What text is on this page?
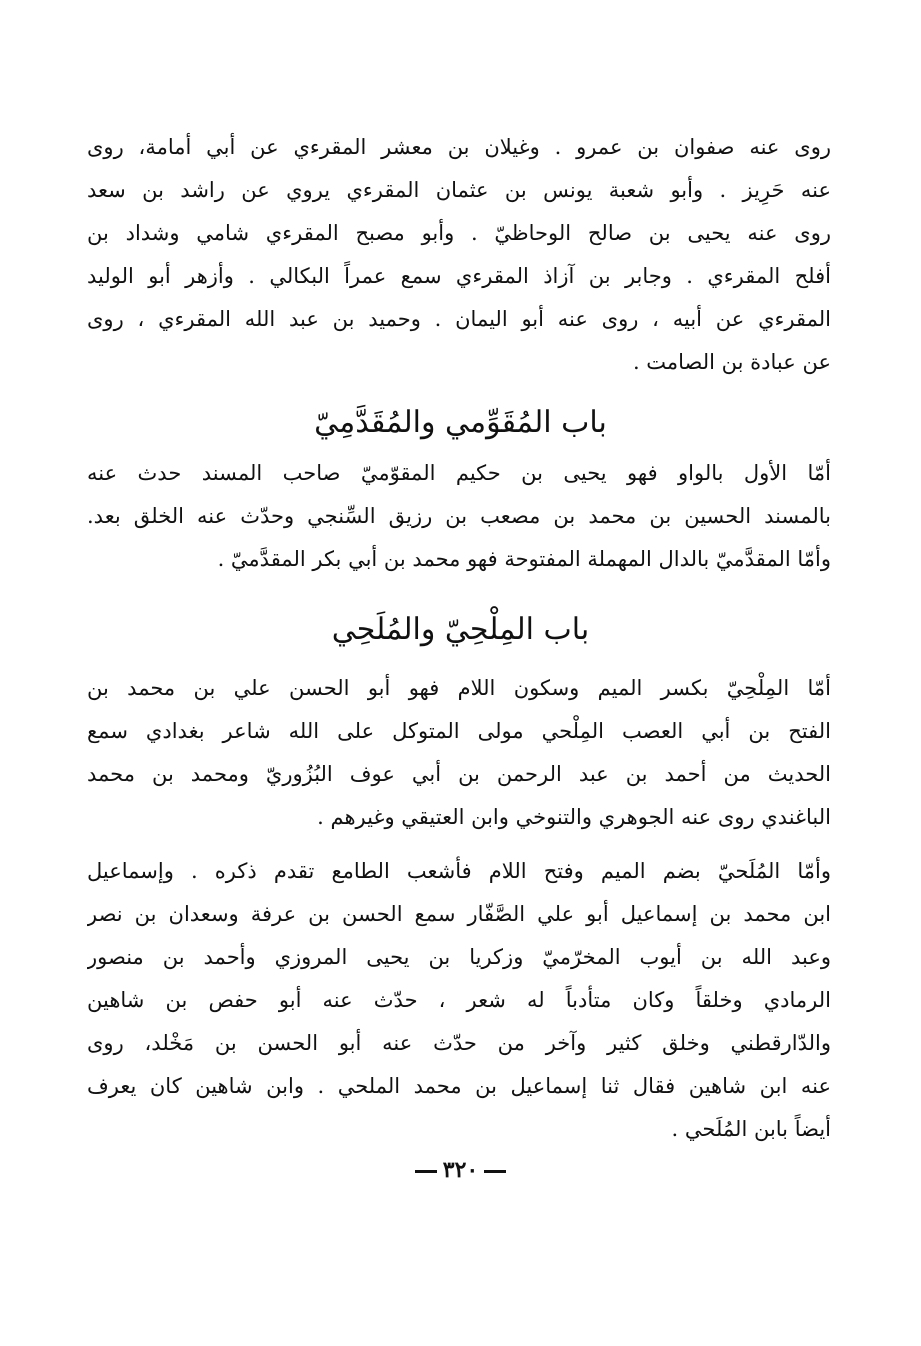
روى عنه صفوان بن عمرو . وغيلان بن معشر المقرءي عن أبي أمامة، روى
عنه حَرِيز . وأبو شعبة يونس بن عثمان المقرءي يروي عن راشد بن سعد
روى عنه يحيى بن صالح الوحاظيّ . وأبو مصبح المقرءي شامي وشداد بن
أفلح المقرءي . وجابر بن آزاذ المقرءي سمع عمراً البكالي . وأزهر أبو الوليد
المقرءي عن أبيه ، روى عنه أبو اليمان . وحميد بن عبد الله المقرءي ، روى
عن عبادة بن الصامت .
باب المُقَوِّمي والمُقَدَّمِيّ
أمّا الأول بالواو فهو يحيى بن حكيم المقوّميّ صاحب المسند حدث عنه
بالمسند الحسين بن محمد بن مصعب بن رزيق السِّنجي وحدّث عنه الخلق بعد.
وأمّا المقدَّميّ بالدال المهملة المفتوحة فهو محمد بن أبي بكر المقدَّميّ .
باب المِلْحِيّ والمُلَحِي
أمّا المِلْحِيّ بكسر الميم وسكون اللام فهو أبو الحسن علي بن محمد بن
الفتح بن أبي العصب المِلْحي مولى المتوكل على الله شاعر بغدادي سمع
الحديث من أحمد بن عبد الرحمن بن أبي عوف البُزُوريّ ومحمد بن محمد
الباغندي روى عنه الجوهري والتنوخي وابن العتيقي وغيرهم .
وأمّا المُلَحيّ بضم الميم وفتح اللام فأشعب الطامع تقدم ذكره . وإسماعيل
ابن محمد بن إسماعيل أبو علي الصَّفّار سمع الحسن بن عرفة وسعدان بن نصر
وعبد الله بن أيوب المخرّميّ وزكريا بن يحيى المروزي وأحمد بن منصور
الرمادي وخلقاً وكان متأدباً له شعر ، حدّث عنه أبو حفص بن شاهين
والدّارقطني وخلق كثير وآخر من حدّث عنه أبو الحسن بن مَخْلد، روى
عنه ابن شاهين فقال ثنا إسماعيل بن محمد الملحي . وابن شاهين كان يعرف
أيضاً بابن المُلَحي .
٣٢٠
